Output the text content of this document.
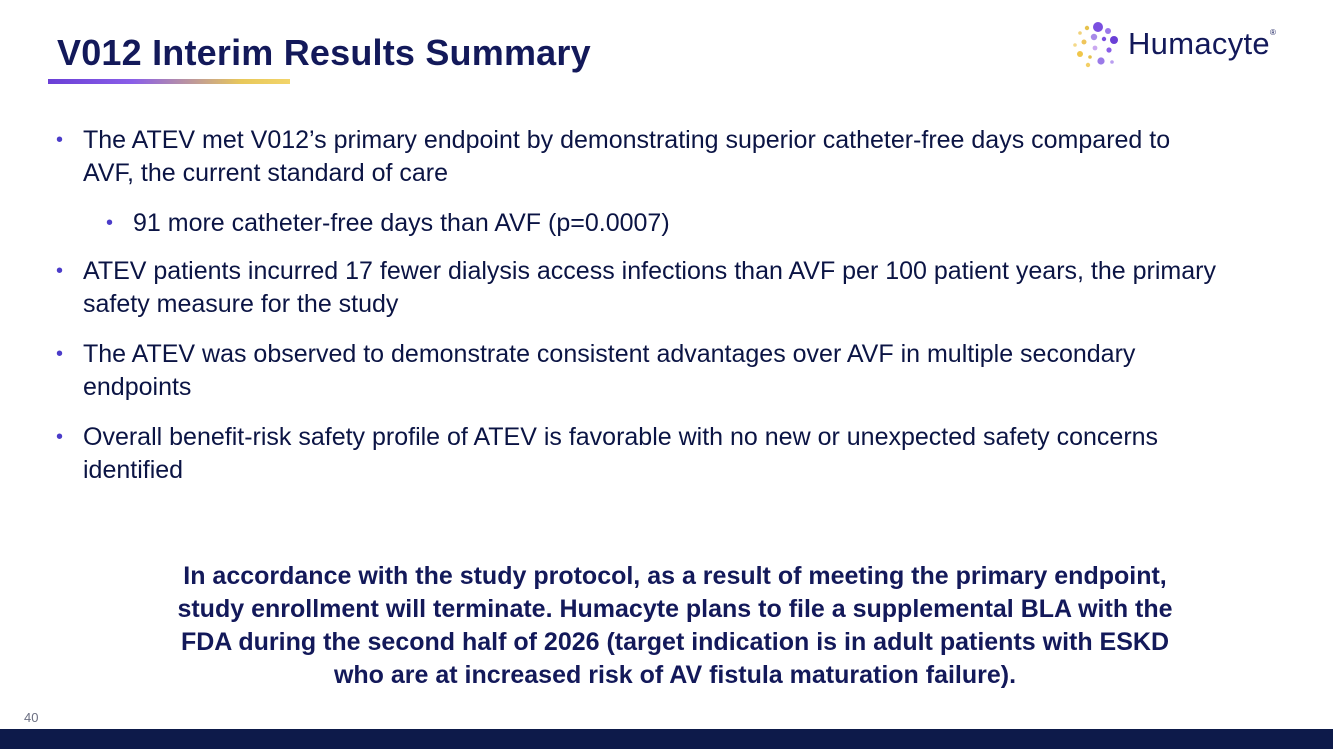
V012 Interim Results Summary	Humacyte®
• The ATEV met V012’s primary endpoint by demonstrating superior catheter-free days compared to AVF, the current standard of care
• 91 more catheter-free days than AVF (p=0.0007)
• ATEV patients incurred 17 fewer dialysis access infections than AVF per 100 patient years, the primary safety measure for the study
• The ATEV was observed to demonstrate consistent advantages over AVF in multiple secondary endpoints
• Overall benefit-risk safety profile of ATEV is favorable with no new or unexpected safety concerns identified
In accordance with the study protocol, as a result of meeting the primary endpoint,
study enrollment will terminate. Humacyte plans to file a supplemental BLA with the
FDA during the second half of 2026 (target indication is in adult patients with ESKD
who are at increased risk of AV fistula maturation failure).
40
